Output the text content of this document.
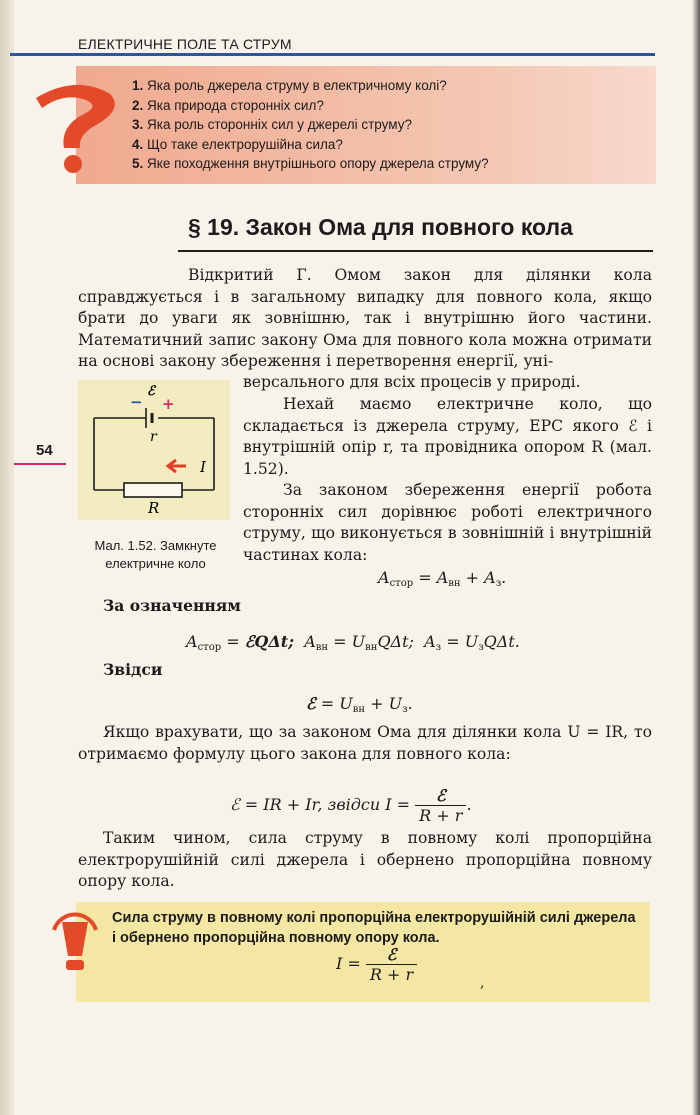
ЕЛЕКТРИЧНЕ ПОЛЕ ТА СТРУМ
1. Яка роль джерела струму в електричному колі?
2. Яка природа сторонніх сил?
3. Яка роль сторонніх сил у джерелі струму?
4. Що таке електрорушійна сила?
5. Яке походження внутрішнього опору джерела струму?
§ 19. Закон Ома для повного кола

Відкритий Г. Омом закон для ділянки кола справджується і в загальному випадку для повного кола, якщо брати до уваги як зовнішню, так і внутрішню його частини. Математичний запис закону Ома для повного кола можна отримати на основі закону збереження і перетворення енергії, уні-

ℰ
− +
r
I
R
Мал. 1.52. Замкнуте електричне коло
54

версального для всіх процесів у природі.

Нехай маємо електричне коло, що складається із джерела струму, ЕРС якого ℰ і внутрішній опір r, та провідника опором R (мал. 1.52).

За законом збереження енергії робота сторонніх сил дорівнює роботі електричного струму, що виконується в зовнішній і внутрішній частинах кола:

$A_{стор} = A_{вн} + A_з$.
За означенням
$A_{стор}$ = ℰQΔt;  $A_{вн} = U_{вн}Q\Delta t$;  $A_з = U_зQ\Delta t$.
Звідси
ℰ = $U_{вн} + U_з$.

Якщо врахувати, що за законом Ома для ділянки кола U = IR, то отримаємо формулу цього закона для повного кола:

ℰ = IR + Ir, звідси $I = \frac{\text{ℰ}}{R + r}$ .

Таким чином, сила струму в повному колі пропорційна електрорушійній силі джерела і обернено пропорційна повному опору кола.

Сила струму в повному колі пропорційна електрорушійній силі джерела і обернено пропорційна повному опору кола.

$I = \frac{\text{ℰ}}{R + r}$	,
